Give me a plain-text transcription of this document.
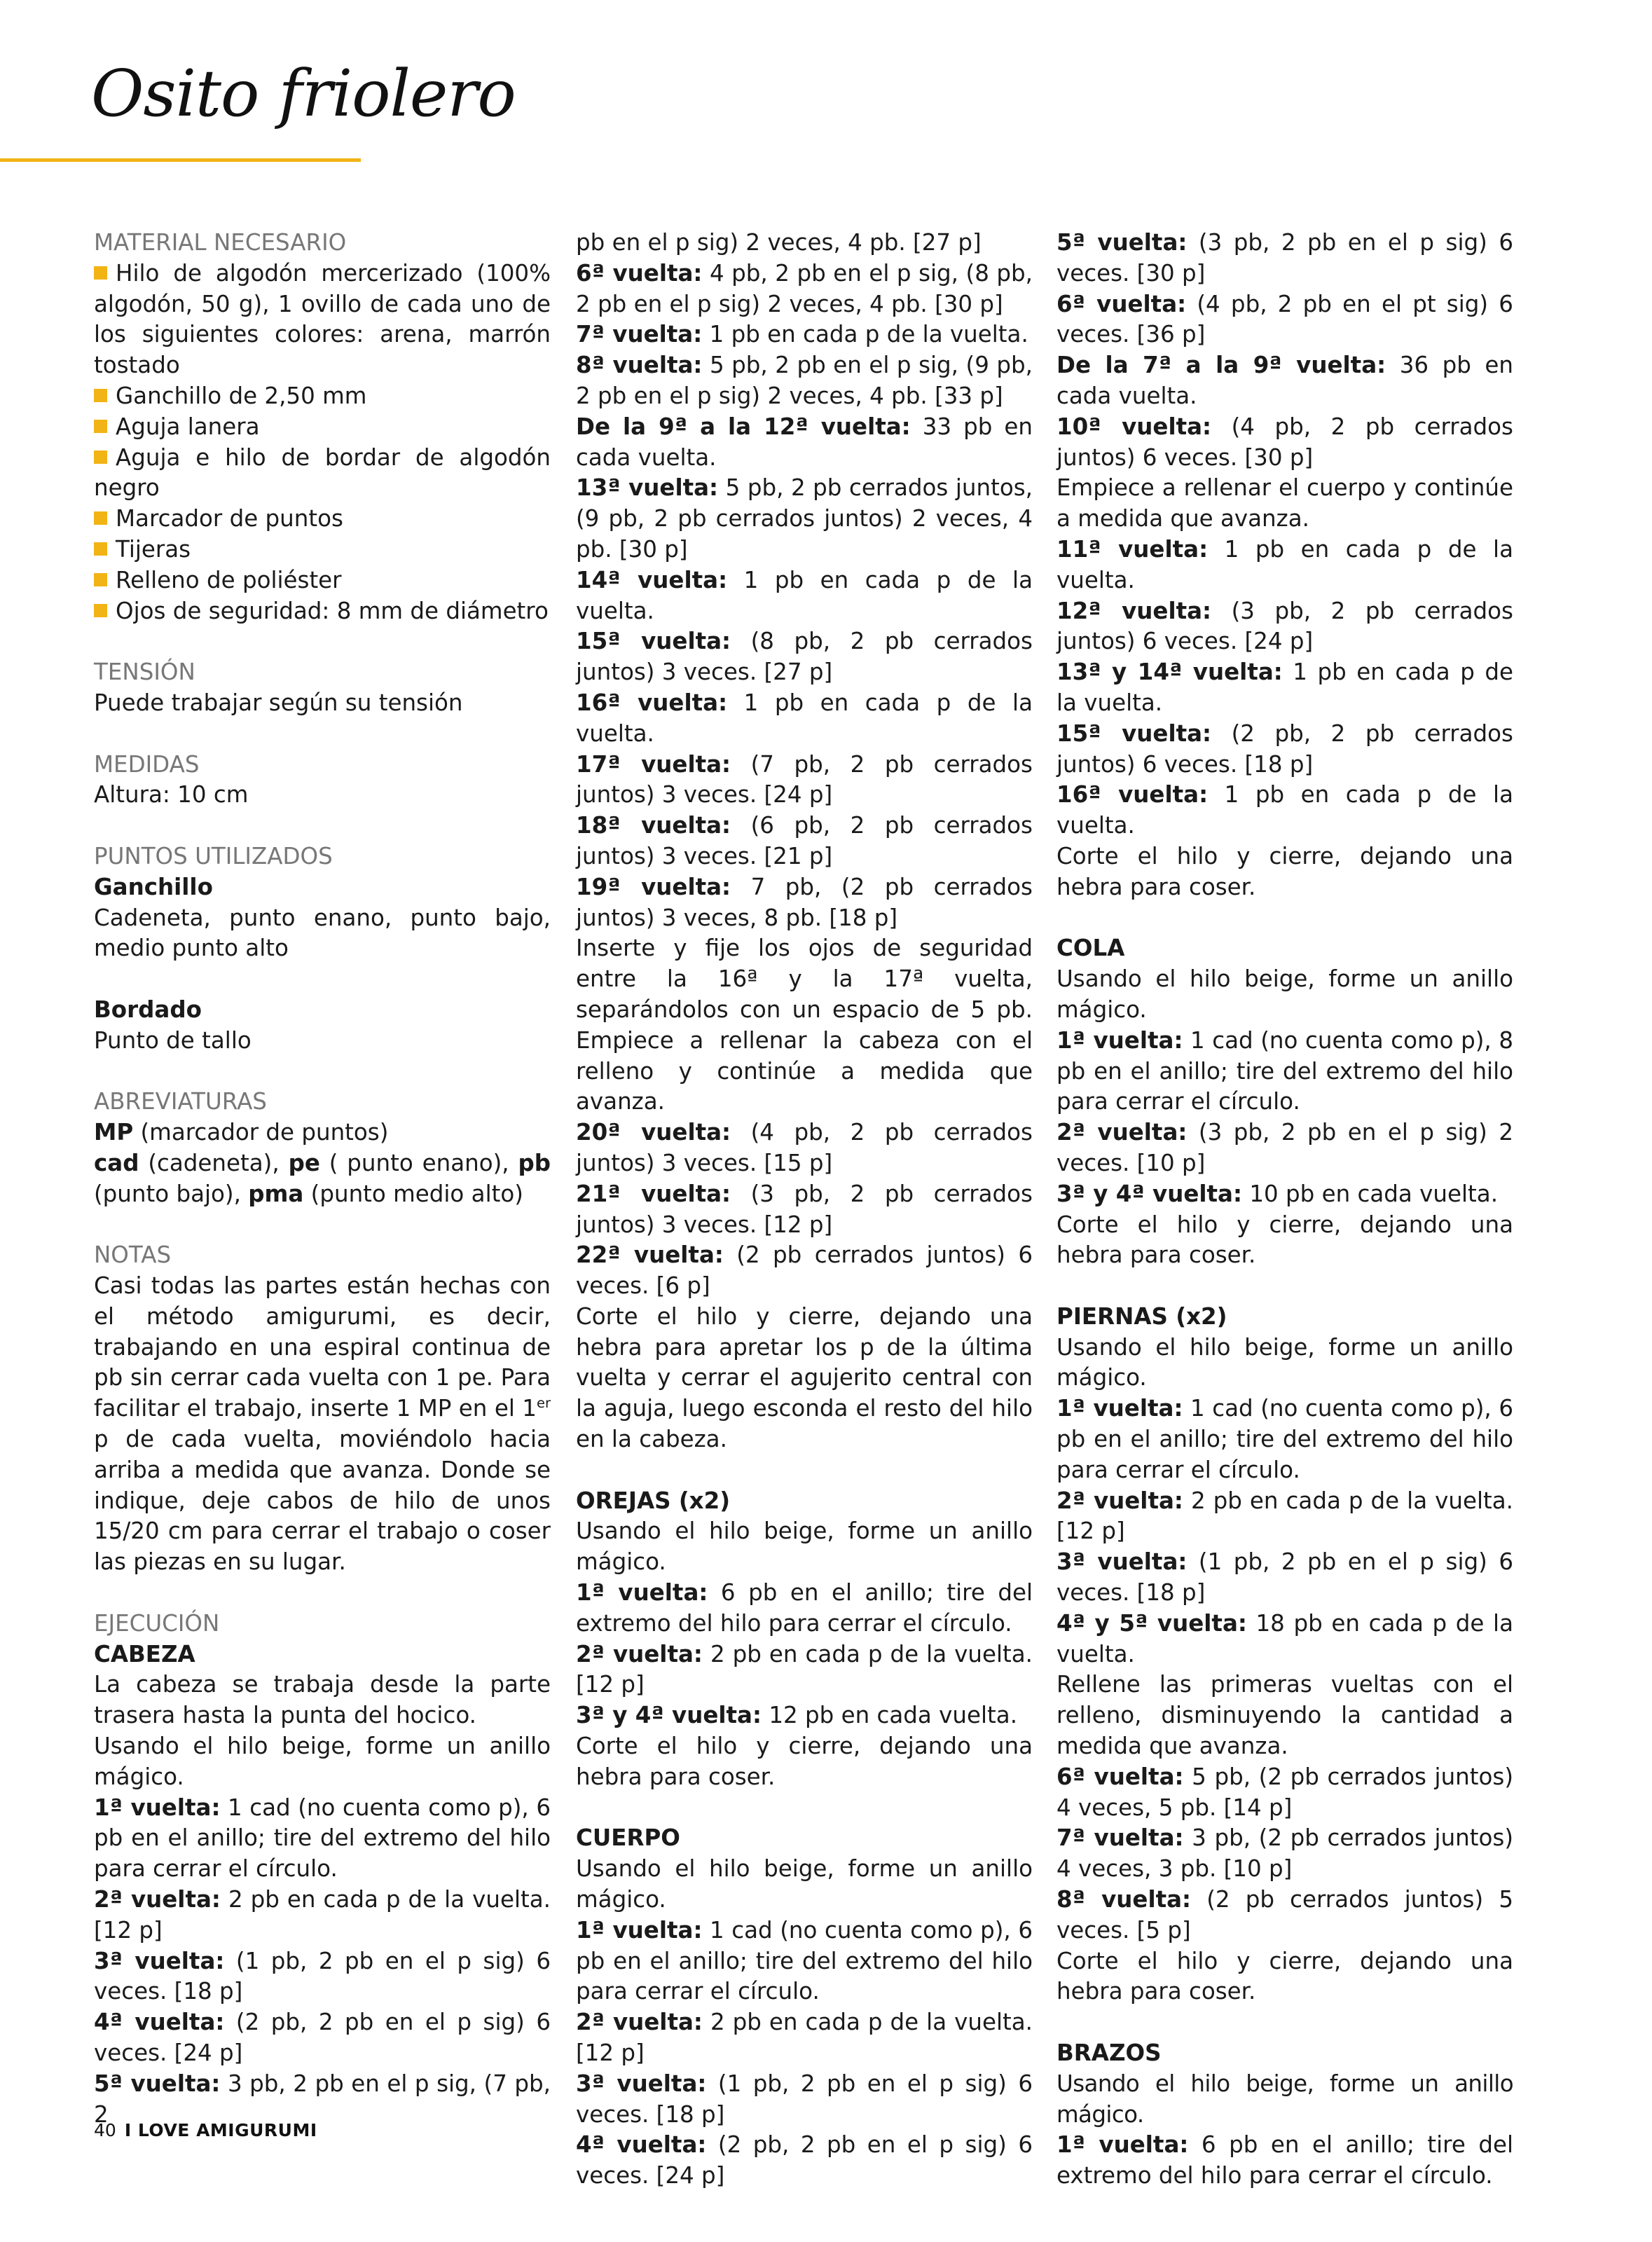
Osito friolero

MATERIAL NECESARIO

Hilo de algodón mercerizado (100% algodón, 50 g), 1 ovillo de cada uno de los siguientes colores: arena, marrón tostado

Ganchillo de 2,50 mm

Aguja lanera

Aguja e hilo de bordar de algodón negro

Marcador de puntos

Tijeras

Relleno de poliéster

Ojos de seguridad: 8 mm de diámetro

TENSIÓN

Puede trabajar según su tensión

MEDIDAS

Altura: 10 cm

PUNTOS UTILIZADOS

Ganchillo

Cadeneta, punto enano, punto bajo, medio punto alto

Bordado

Punto de tallo

ABREVIATURAS

MP (marcador de puntos)

cad (cadeneta), pe ( punto enano), pb (punto bajo), pma (punto medio alto)

NOTAS

Casi todas las partes están hechas con el método amigurumi, es decir, trabajando en una espiral continua de pb sin cerrar cada vuelta con 1 pe. Para facilitar el trabajo, inserte 1 MP en el 1er p de cada vuelta, moviéndolo hacia arriba a medida que avanza. Donde se indique, deje cabos de hilo de unos 15/20 cm para cerrar el trabajo o coser las piezas en su lugar.

EJECUCIÓN

CABEZA

La cabeza se trabaja desde la parte trasera hasta la punta del hocico.

Usando el hilo beige, forme un anillo mágico.

1ª vuelta: 1 cad (no cuenta como p), 6 pb en el anillo; tire del extremo del hilo para cerrar el círculo.

2ª vuelta: 2 pb en cada p de la vuelta. [12 p]

3ª vuelta: (1 pb, 2 pb en el p sig) 6 veces. [18 p]

4ª vuelta: (2 pb, 2 pb en el p sig) 6 veces. [24 p]

5ª vuelta: 3 pb, 2 pb en el p sig, (7 pb, 2

pb en el p sig) 2 veces, 4 pb. [27 p]

6ª vuelta: 4 pb, 2 pb en el p sig, (8 pb, 2 pb en el p sig) 2 veces, 4 pb. [30 p]

7ª vuelta: 1 pb en cada p de la vuelta.

8ª vuelta: 5 pb, 2 pb en el p sig, (9 pb, 2 pb en el p sig) 2 veces, 4 pb. [33 p]

De la 9ª a la 12ª vuelta: 33 pb en cada vuelta.

13ª vuelta: 5 pb, 2 pb cerrados juntos, (9 pb, 2 pb cerrados juntos) 2 veces, 4 pb. [30 p]

14ª vuelta: 1 pb en cada p de la vuelta.

15ª vuelta: (8 pb, 2 pb cerrados juntos) 3 veces. [27 p]

16ª vuelta: 1 pb en cada p de la vuelta.

17ª vuelta: (7 pb, 2 pb cerrados juntos) 3 veces. [24 p]

18ª vuelta: (6 pb, 2 pb cerrados juntos) 3 veces. [21 p]

19ª vuelta: 7 pb, (2 pb cerrados juntos) 3 veces, 8 pb. [18 p]

Inserte y fije los ojos de seguridad entre la 16ª y la 17ª vuelta, separándolos con un espacio de 5 pb. Empiece a rellenar la cabeza con el relleno y continúe a medida que avanza.

20ª vuelta: (4 pb, 2 pb cerrados juntos) 3 veces. [15 p]

21ª vuelta: (3 pb, 2 pb cerrados juntos) 3 veces. [12 p]

22ª vuelta: (2 pb cerrados juntos) 6 veces. [6 p]

Corte el hilo y cierre, dejando una hebra para apretar los p de la última vuelta y cerrar el agujerito central con la aguja, luego esconda el resto del hilo en la cabeza.

OREJAS (x2)

Usando el hilo beige, forme un anillo mágico.

1ª vuelta: 6 pb en el anillo; tire del extremo del hilo para cerrar el círculo.

2ª vuelta: 2 pb en cada p de la vuelta. [12 p]

3ª y 4ª vuelta: 12 pb en cada vuelta.

Corte el hilo y cierre, dejando una hebra para coser.

CUERPO

Usando el hilo beige, forme un anillo mágico.

1ª vuelta: 1 cad (no cuenta como p), 6 pb en el anillo; tire del extremo del hilo para cerrar el círculo.

2ª vuelta: 2 pb en cada p de la vuelta. [12 p]

3ª vuelta: (1 pb, 2 pb en el p sig) 6 veces. [18 p]

4ª vuelta: (2 pb, 2 pb en el p sig) 6 veces. [24 p]

5ª vuelta: (3 pb, 2 pb en el p sig) 6 veces. [30 p]

6ª vuelta: (4 pb, 2 pb en el pt sig) 6 veces. [36 p]

De la 7ª a la 9ª vuelta: 36 pb en cada vuelta.

10ª vuelta: (4 pb, 2 pb cerrados juntos) 6 veces. [30 p]

Empiece a rellenar el cuerpo y continúe a medida que avanza.

11ª vuelta: 1 pb en cada p de la vuelta.

12ª vuelta: (3 pb, 2 pb cerrados juntos) 6 veces. [24 p]

13ª y 14ª vuelta: 1 pb en cada p de la vuelta.

15ª vuelta: (2 pb, 2 pb cerrados juntos) 6 veces. [18 p]

16ª vuelta: 1 pb en cada p de la vuelta.

Corte el hilo y cierre, dejando una hebra para coser.

COLA

Usando el hilo beige, forme un anillo mágico.

1ª vuelta: 1 cad (no cuenta como p), 8 pb en el anillo; tire del extremo del hilo para cerrar el círculo.

2ª vuelta: (3 pb, 2 pb en el p sig) 2 veces. [10 p]

3ª y 4ª vuelta: 10 pb en cada vuelta.

Corte el hilo y cierre, dejando una hebra para coser.

PIERNAS (x2)

Usando el hilo beige, forme un anillo mágico.

1ª vuelta: 1 cad (no cuenta como p), 6 pb en el anillo; tire del extremo del hilo para cerrar el círculo.

2ª vuelta: 2 pb en cada p de la vuelta. [12 p]

3ª vuelta: (1 pb, 2 pb en el p sig) 6 veces. [18 p]

4ª y 5ª vuelta: 18 pb en cada p de la vuelta.

Rellene las primeras vueltas con el relleno, disminuyendo la cantidad a medida que avanza.

6ª vuelta: 5 pb, (2 pb cerrados juntos) 4 veces, 5 pb. [14 p]

7ª vuelta: 3 pb, (2 pb cerrados juntos) 4 veces, 3 pb. [10 p]

8ª vuelta: (2 pb cerrados juntos) 5 veces. [5 p]

Corte el hilo y cierre, dejando una hebra para coser.

BRAZOS

Usando el hilo beige, forme un anillo mágico.

1ª vuelta: 6 pb en el anillo; tire del extremo del hilo para cerrar el círculo.

40 I LOVE AMIGURUMI
